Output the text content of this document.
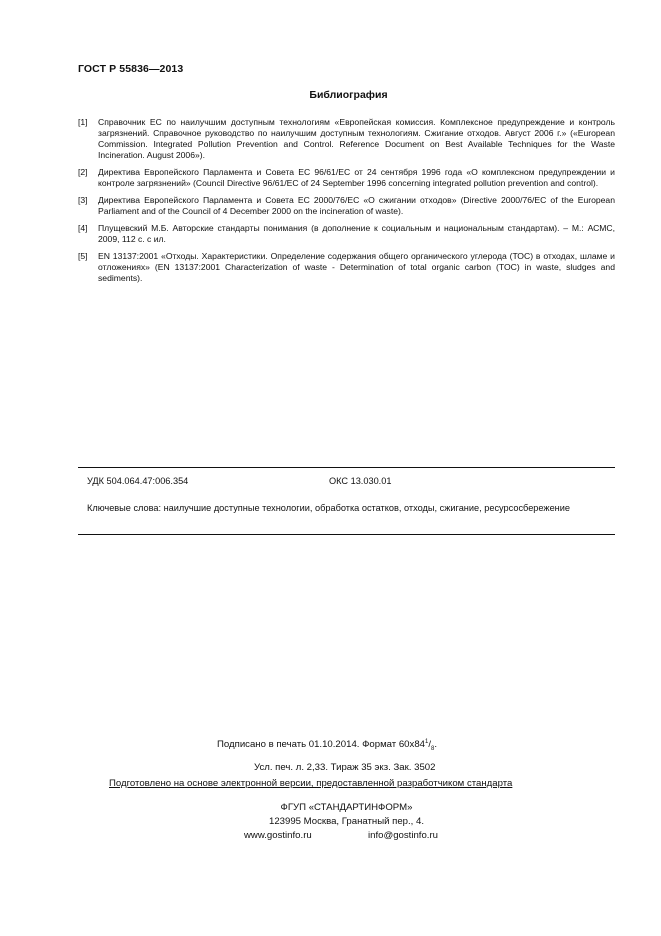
ГОСТ Р 55836—2013
Библиография
[1]	Справочник ЕС по наилучшим доступным технологиям «Европейская комиссия. Комплексное предупреждение и контроль загрязнений. Справочное руководство по наилучшим доступным технологиям. Сжигание отходов. Август 2006 г.» («European Commission. Integrated Pollution Prevention and Control. Reference Document on Best Available Techniques for the Waste Incineration. August 2006»).
[2]	Директива Европейского Парламента и Совета ЕС 96/61/ЕС от 24 сентября 1996 года «О комплексном предупреждении и контроле загрязнений» (Council Directive 96/61/EC of 24 September 1996 concerning integrated pollution prevention and control).
[3]	Директива Европейского Парламента и Совета ЕС 2000/76/ЕС «О сжигании отходов» (Directive 2000/76/EC of the European Parliament and of the Council of 4 December 2000 on the incineration of waste).
[4]	Плущевский М.Б. Авторские стандарты понимания (в дополнение к социальным и национальным стандартам). – М.: АСМС, 2009, 112 с. с ил.
[5]	EN 13137:2001 «Отходы. Характеристики. Определение содержания общего органического углерода (ТОС) в отходах, шламе и отложениях» (EN 13137:2001 Characterization of waste - Determination of total organic carbon (TOC) in waste, sludges and sediments).
УДК 504.064.47:006.354	ОКС 13.030.01
Ключевые слова: наилучшие доступные технологии, обработка остатков, отходы, сжигание, ресурсосбережение
Подписано в печать 01.10.2014. Формат $60х84^1/_8$.
Усл. печ. л. 2,33. Тираж 35 экз. Зак. 3502
Подготовлено на основе электронной версии, предоставленной разработчиком стандарта
ФГУП «СТАНДАРТИНФОРМ»
123995 Москва, Гранатный пер., 4.
www.gostinfo.ru	info@gostinfo.ru
